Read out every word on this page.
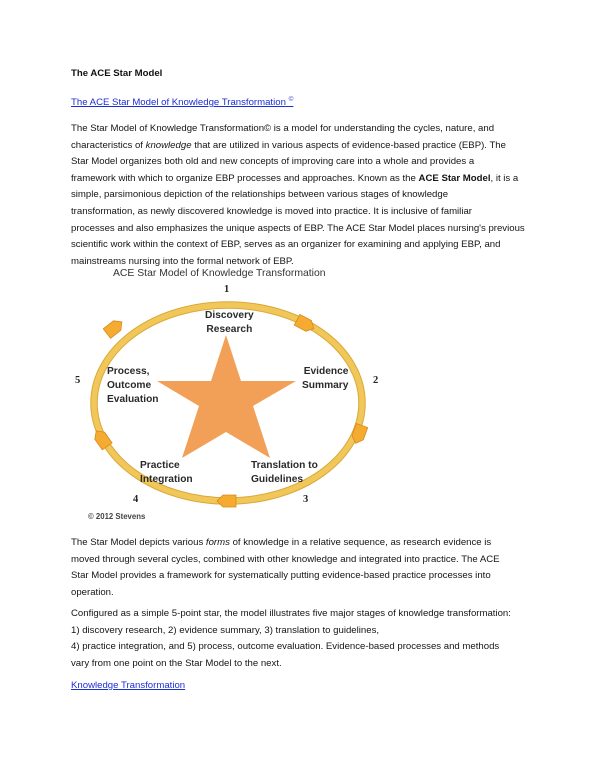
The ACE Star Model
The ACE Star Model of Knowledge Transformation ©
The Star Model of Knowledge Transformation© is a model for understanding the cycles, nature, and
characteristics of knowledge that are utilized in various aspects of evidence-based practice (EBP). The
Star Model organizes both old and new concepts of improving care into a whole and provides a
framework with which to organize EBP processes and approaches. Known as the ACE Star Model, it is a
simple, parsimonious depiction of the relationships between various stages of knowledge
transformation, as newly discovered knowledge is moved into practice. It is inclusive of familiar
processes and also emphasizes the unique aspects of EBP. The ACE Star Model places nursing's previous
scientific work within the context of EBP, serves as an organizer for examining and applying EBP, and
mainstreams nursing into the formal network of EBP.
The Star Model depicts various forms of knowledge in a relative sequence, as research evidence is
moved through several cycles, combined with other knowledge and integrated into practice. The ACE
Star Model provides a framework for systematically putting evidence-based practice processes into
operation.
Configured as a simple 5-point star, the model illustrates five major stages of knowledge transformation:
1) discovery research, 2) evidence summary, 3) translation to guidelines,
4) practice integration, and 5) process, outcome evaluation. Evidence-based processes and methods
vary from one point on the Star Model to the next.
Knowledge Transformation
ACE Star Model of Knowledge Transformation
1
2
3
4
5
Discovery
Research
Evidence
Summary
Translation to
Guidelines
Practice
Integration
Process,
Outcome
Evaluation
© 2012 Stevens
